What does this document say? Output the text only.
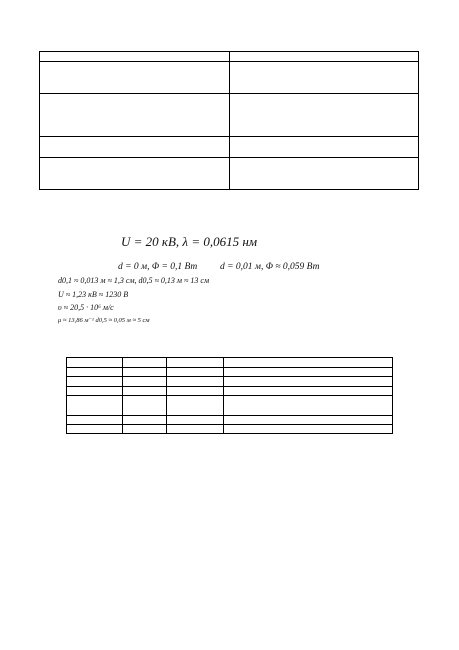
U = 20 кВ, λ = 0,0615 нм
d = 0 м, Φ = 0,1 Вт d = 0,01 м, Φ ≈ 0,059 Вт
d0,1 ≈ 0,013 м ≈ 1,3 см, d0,5 ≈ 0,13 м ≈ 13 см
U ≈ 1,23 кВ ≈ 1230 В
υ ≈ 20,5 · 10⁶ м/с
μ ≈ 13,86 м⁻¹ d0,5 ≈ 0,05 м ≈ 5 см
